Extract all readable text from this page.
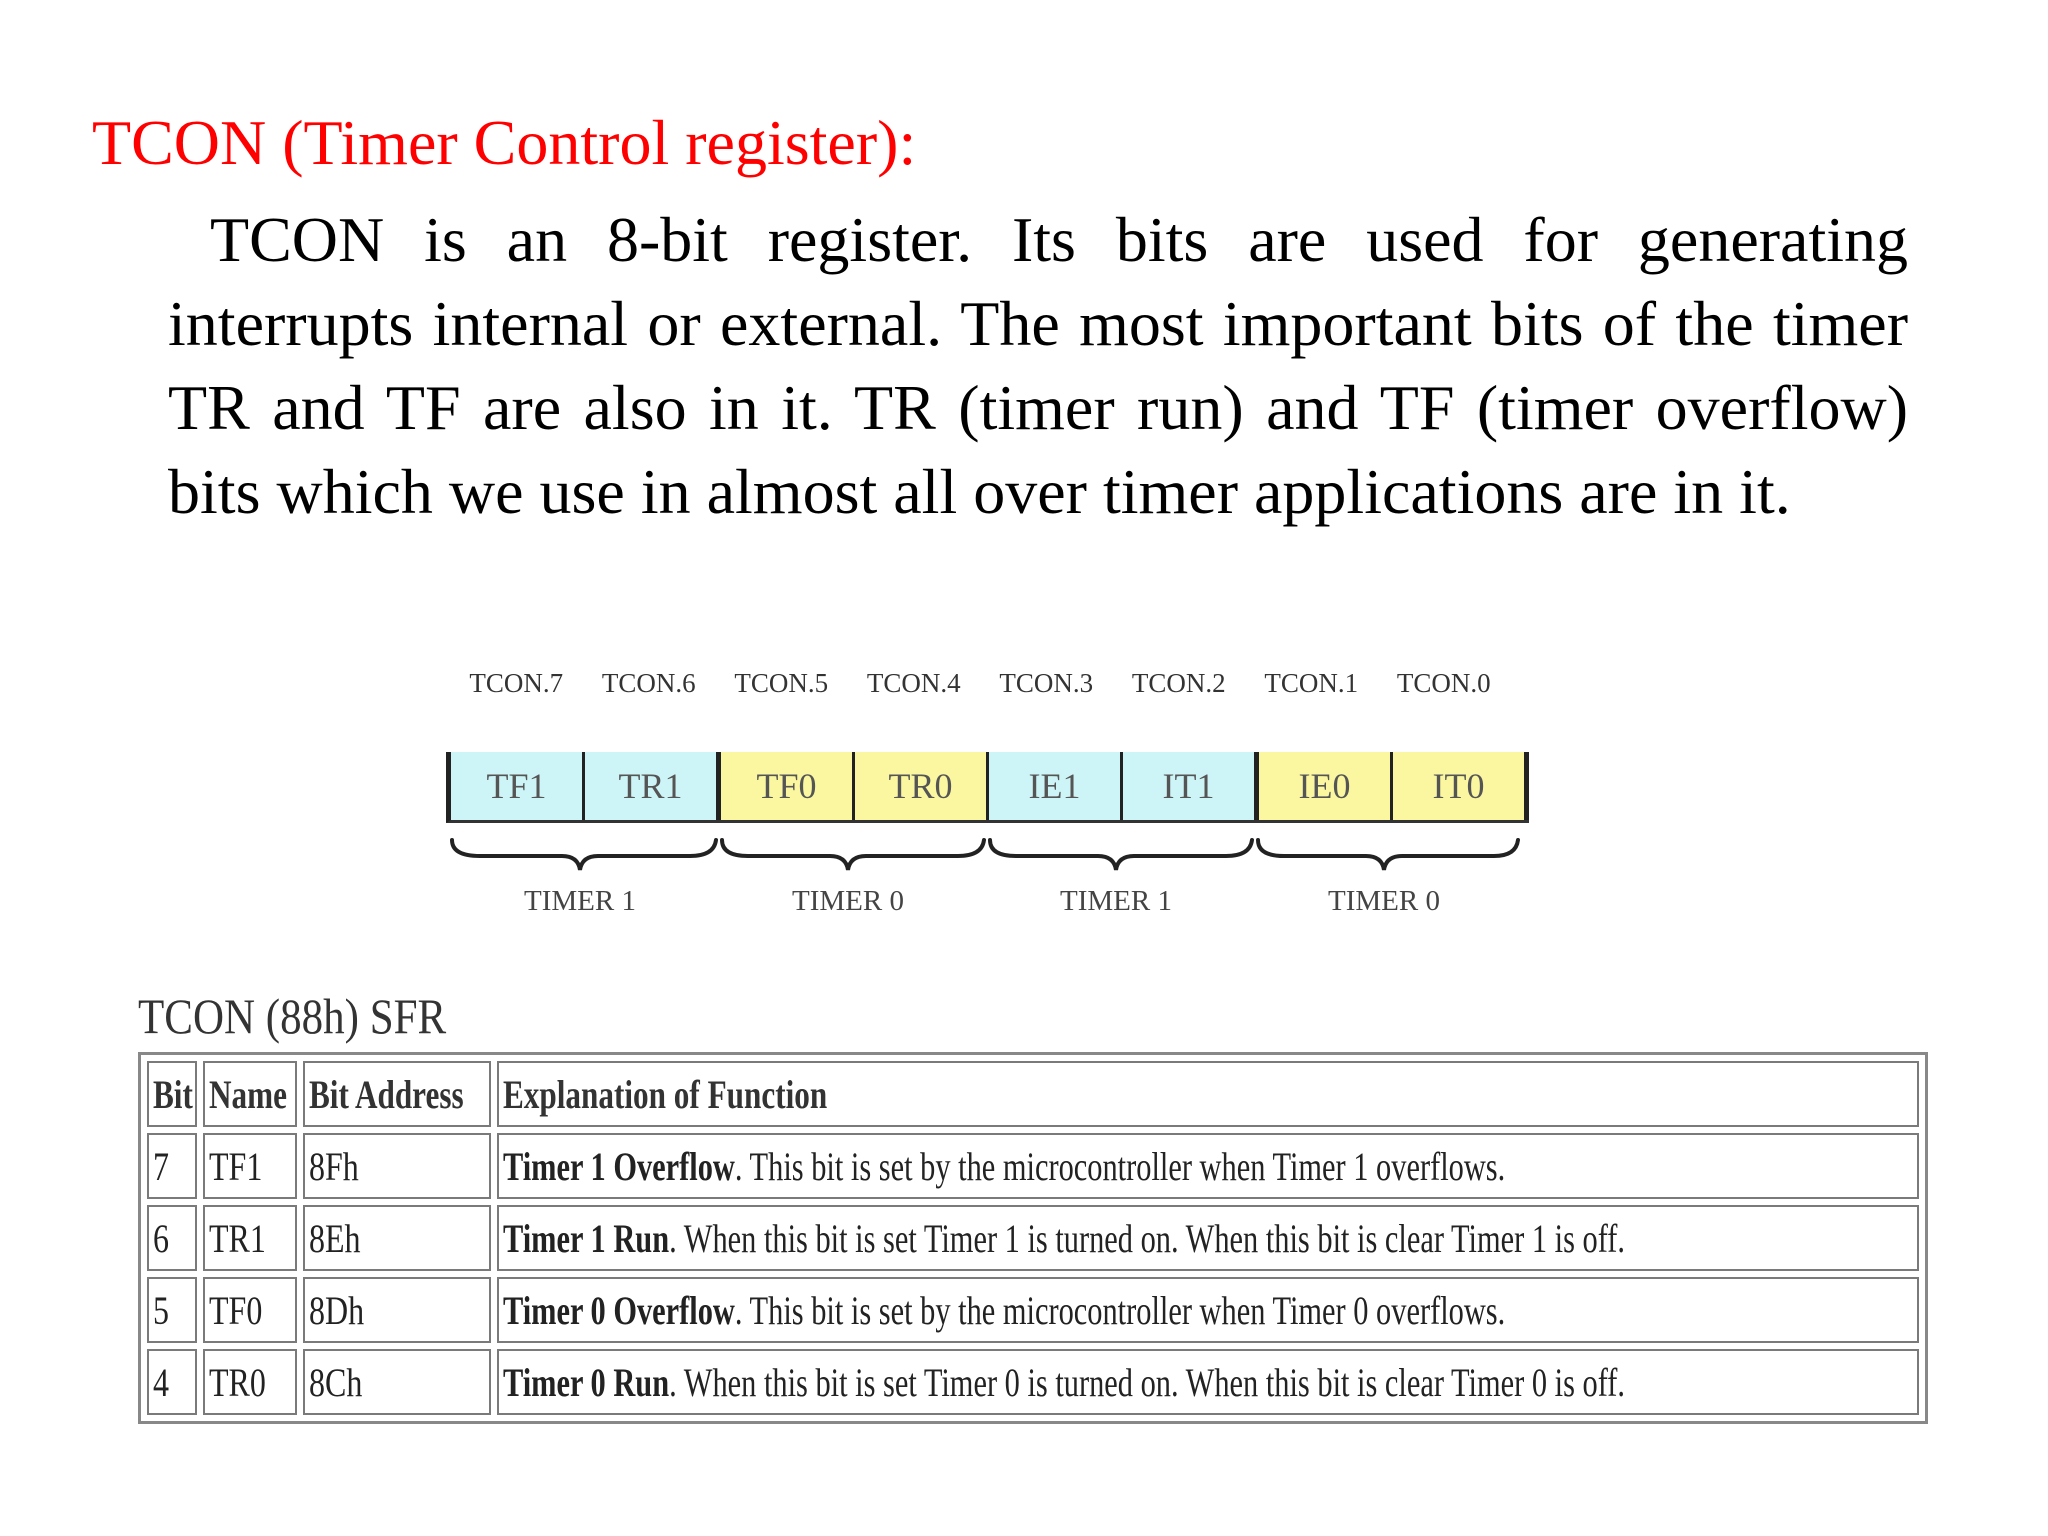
TCON (Timer Control register):
TCON is an 8-bit register. Its bits are used for generating interrupts internal or external. The most important bits of the timer TR and TF are also in it. TR (timer run) and TF (timer overflow) bits which we use in almost all over timer applications are in it.
TCON.7	TCON.6	TCON.5	TCON.4	TCON.3	TCON.2	TCON.1	TCON.0
TF1	TR1	TF0	TR0	IE1	IT1	IE0	IT0
TIMER 1	TIMER 0	TIMER 1	TIMER 0
TCON (88h) SFR
Bit	Name	Bit Address	Explanation of Function
7	TF1	8Fh	Timer 1 Overflow. This bit is set by the microcontroller when Timer 1 overflows.
6	TR1	8Eh	Timer 1 Run. When this bit is set Timer 1 is turned on. When this bit is clear Timer 1 is off.
5	TF0	8Dh	Timer 0 Overflow. This bit is set by the microcontroller when Timer 0 overflows.
4	TR0	8Ch	Timer 0 Run. When this bit is set Timer 0 is turned on. When this bit is clear Timer 0 is off.
